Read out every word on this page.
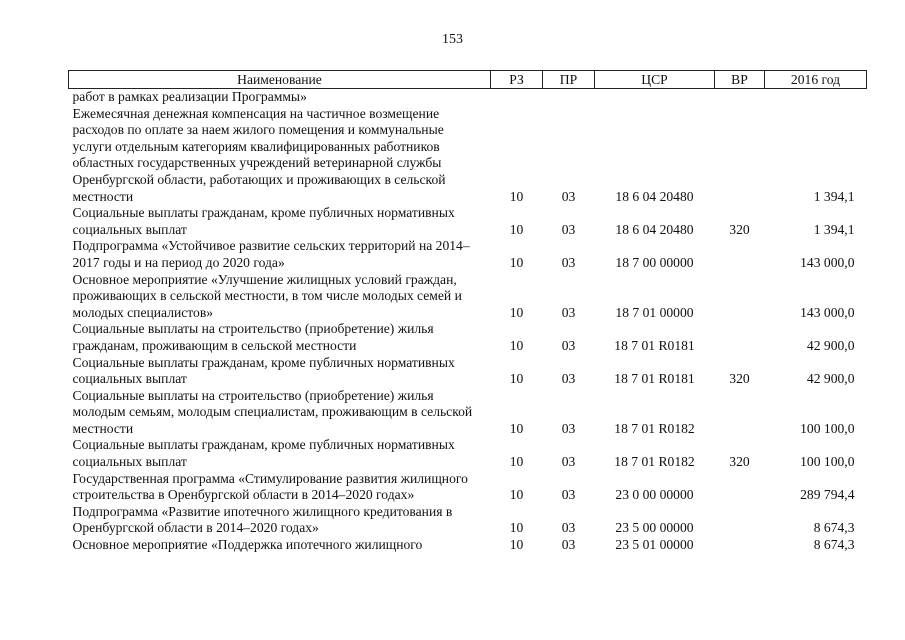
153
Наименование	РЗ	ПР	ЦСР	ВР	2016 год
работ в рамках реализации Программы»					
Ежемесячная денежная компенсация на частичное возмещение расходов по оплате за наем жилого помещения и коммунальные услуги отдельным категориям квалифицированных работников областных государственных учреждений ветеринарной службы Оренбургской области, работающих и проживающих в сельской местности	10	03	18 6 04 20480		1 394,1
Социальные выплаты гражданам, кроме публичных нормативных социальных выплат	10	03	18 6 04 20480	320	1 394,1
Подпрограмма «Устойчивое развитие сельских территорий на 2014–2017 годы и на период до 2020 года»	10	03	18 7 00 00000		143 000,0
Основное мероприятие «Улучшение жилищных условий граждан, проживающих в сельской местности, в том числе молодых семей и молодых специалистов»	10	03	18 7 01 00000		143 000,0
Социальные выплаты на строительство (приобретение) жилья гражданам, проживающим в сельской местности	10	03	18 7 01 R0181		42 900,0
Социальные выплаты гражданам, кроме публичных нормативных социальных выплат	10	03	18 7 01 R0181	320	42 900,0
Социальные выплаты на строительство (приобретение) жилья молодым семьям, молодым специалистам, проживающим в сельской местности	10	03	18 7 01 R0182		100 100,0
Социальные выплаты гражданам, кроме публичных нормативных социальных выплат	10	03	18 7 01 R0182	320	100 100,0
Государственная программа «Стимулирование развития жилищного строительства в Оренбургской области в 2014–2020 годах»	10	03	23 0 00 00000		289 794,4
Подпрограмма «Развитие ипотечного жилищного кредитования в Оренбургской области в 2014–2020 годах»	10	03	23 5 00 00000		8 674,3
Основное мероприятие «Поддержка ипотечного жилищного	10	03	23 5 01 00000		8 674,3
